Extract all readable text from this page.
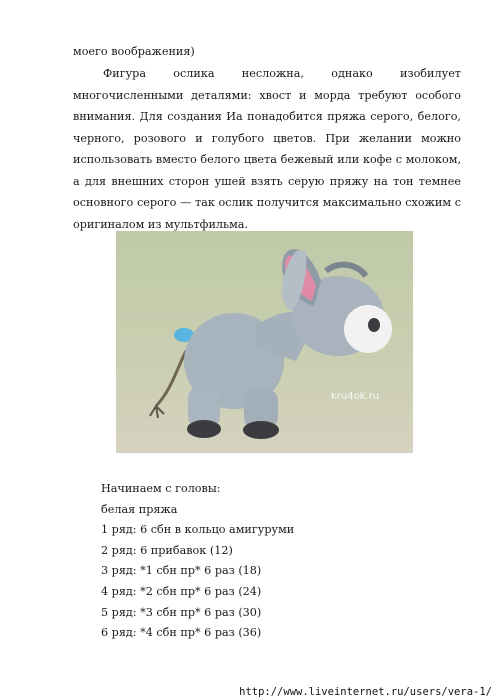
моего воображения)
Фигура ослика несложна, однако изобилует многочисленными деталями: хвост и морда требуют особого внимания. Для создания Иа понадобится пряжа серого, белого, черного, розового и голубого цветов. При желании можно использовать вместо белого цвета бежевый или кофе с молоком, а для внешних сторон ушей взять серую пряжу на тон темнее основного серого — так ослик получится максимально схожим с оригиналом из мультфильма.
kru4ok.ru
Начинаем с головы:
белая пряжа
1 ряд: 6 сбн в кольцо амигуруми
2 ряд: 6 прибавок (12)
3 ряд: *1 сбн пр* 6 раз (18)
4 ряд: *2 сбн пр* 6 раз (24)
5 ряд: *3 сбн пр* 6 раз (30)
6 ряд: *4 сбн пр* 6 раз (36)
http://www.liveinternet.ru/users/vera-1/
